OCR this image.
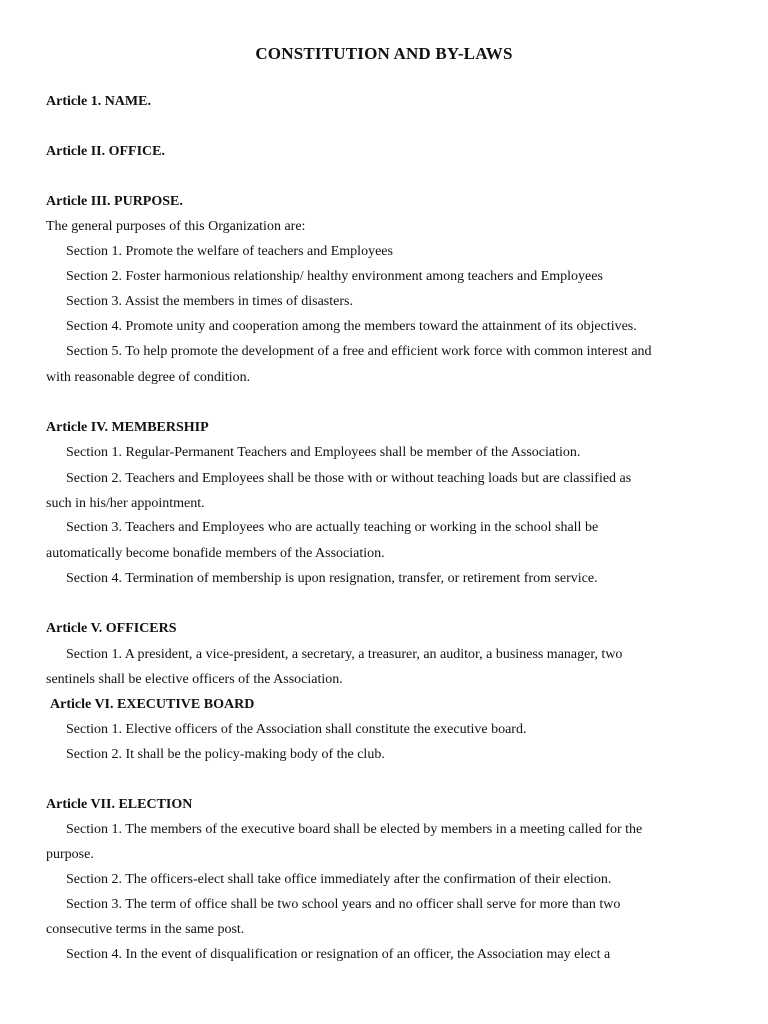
CONSTITUTION AND BY-LAWS
Article 1. NAME.
Article II. OFFICE.
Article III. PURPOSE.
The general purposes of this Organization are:
Section 1. Promote the welfare of teachers and Employees
Section 2. Foster harmonious relationship/ healthy environment among teachers and Employees
Section 3. Assist the members in times of disasters.
Section 4. Promote unity and cooperation among the members toward the attainment of its objectives.
Section 5. To help promote the development of a free and efficient work force with common interest and
with reasonable degree of condition.
Article IV. MEMBERSHIP
Section 1. Regular-Permanent Teachers and Employees shall be member of the Association.
Section 2. Teachers and Employees shall be those with or without teaching loads but are classified as
such in his/her appointment.
Section 3. Teachers and Employees who are actually teaching or working in the school shall be
automatically become bonafide members of the Association.
Section 4. Termination of membership is upon resignation, transfer, or retirement from service.
Article V. OFFICERS
Section 1. A president, a vice-president, a secretary, a treasurer, an auditor, a business manager, two
sentinels shall be elective officers of the Association.
Article VI. EXECUTIVE BOARD
Section 1. Elective officers of the Association shall constitute the executive board.
Section 2. It shall be the policy-making body of the club.
Article VII. ELECTION
Section 1. The members of the executive board shall be elected by members in a meeting called for the
purpose.
Section 2. The officers-elect shall take office immediately after the confirmation of their election.
Section 3. The term of office shall be two school years and no officer shall serve for more than two
consecutive terms in the same post.
Section 4. In the event of disqualification or resignation of an officer, the Association may elect a
